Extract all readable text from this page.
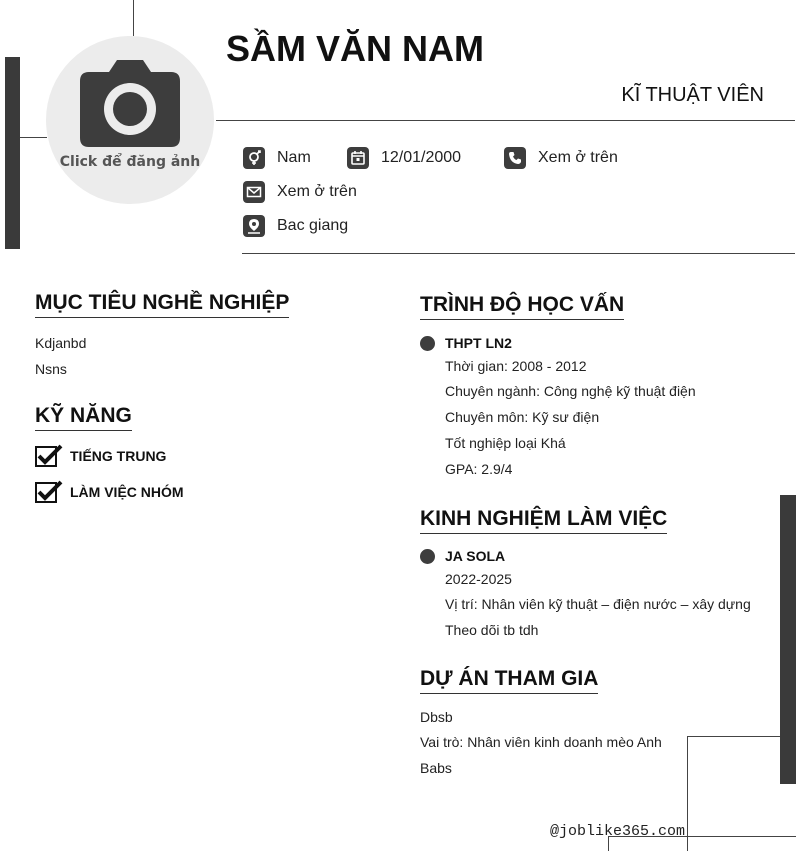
Click để đăng ảnh
SẦM VĂN NAM
KĨ THUẬT VIÊN
Nam	12/01/2000	Xem ở trên
Xem ở trên
Bac giang
MỤC TIÊU NGHỀ NGHIỆP
Kdjanbd
Nsns
KỸ NĂNG
TIẾNG TRUNG
LÀM VIỆC NHÓM
TRÌNH ĐỘ HỌC VẤN
THPT LN2
Thời gian: 2008 - 2012
Chuyên ngành: Công nghệ kỹ thuật điện
Chuyên môn: Kỹ sư điện
Tốt nghiệp loại Khá
GPA: 2.9/4
KINH NGHIỆM LÀM VIỆC
JA SOLA
2022-2025
Vị trí: Nhân viên kỹ thuật – điện nước – xây dựng
Theo dõi tb tdh
DỰ ÁN THAM GIA
Dbsb
Vai trò: Nhân viên kinh doanh mèo Anh
Babs
@joblike365.com
